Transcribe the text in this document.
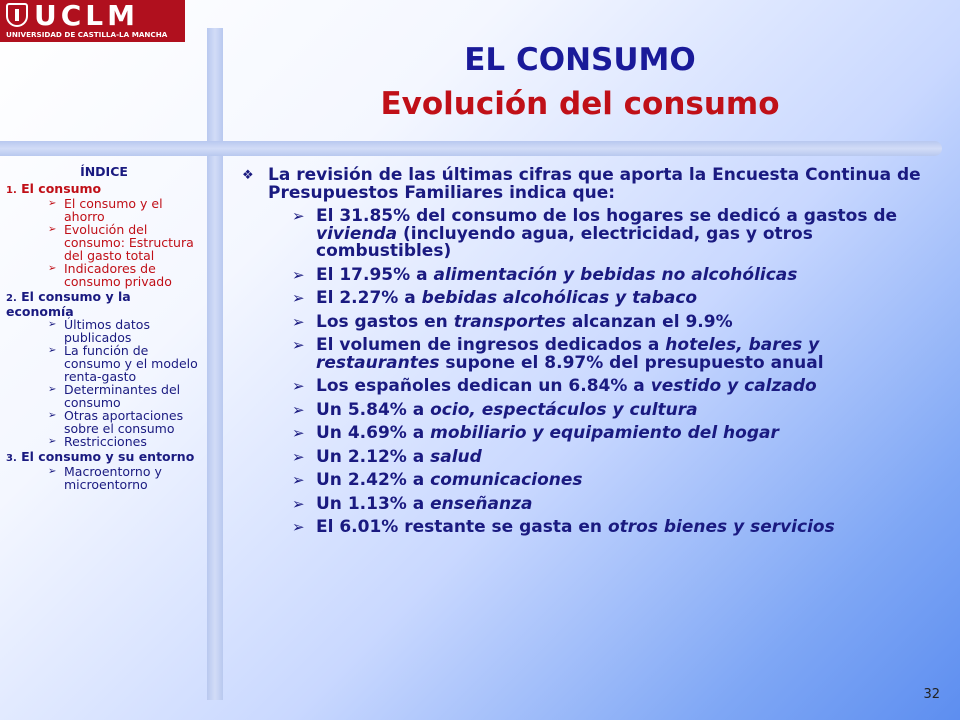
UCLM
UNIVERSIDAD DE CASTILLA-LA MANCHA
EL CONSUMO
Evolución del consumo
ÍNDICE
1. El consumo
➢ El consumo y el ahorro
➢ Evolución del consumo: Estructura del gasto total
➢ Indicadores de consumo privado
2. El consumo y la economía
➢ Últimos datos publicados
➢ La función de consumo y el modelo renta-gasto
➢ Determinantes del consumo
➢ Otras aportaciones sobre el consumo
➢ Restricciones
3. El consumo y su entorno
➢ Macroentorno y microentorno
❖ La revisión de las últimas cifras que aporta la Encuesta Continua de Presupuestos Familiares indica que:
➢ El 31.85% del consumo de los hogares se dedicó a gastos de vivienda (incluyendo agua, electricidad, gas y otros combustibles)
➢ El 17.95% a alimentación y bebidas no alcohólicas
➢ El 2.27% a bebidas alcohólicas y tabaco
➢ Los gastos en transportes alcanzan el 9.9%
➢ El volumen de ingresos dedicados a hoteles, bares y restaurantes supone el 8.97% del presupuesto anual
➢ Los españoles dedican un 6.84% a vestido y calzado
➢ Un 5.84% a ocio, espectáculos y cultura
➢ Un 4.69% a mobiliario y equipamiento del hogar
➢ Un 2.12% a salud
➢ Un 2.42% a comunicaciones
➢ Un 1.13% a enseñanza
➢ El 6.01% restante se gasta en otros bienes y servicios
32
